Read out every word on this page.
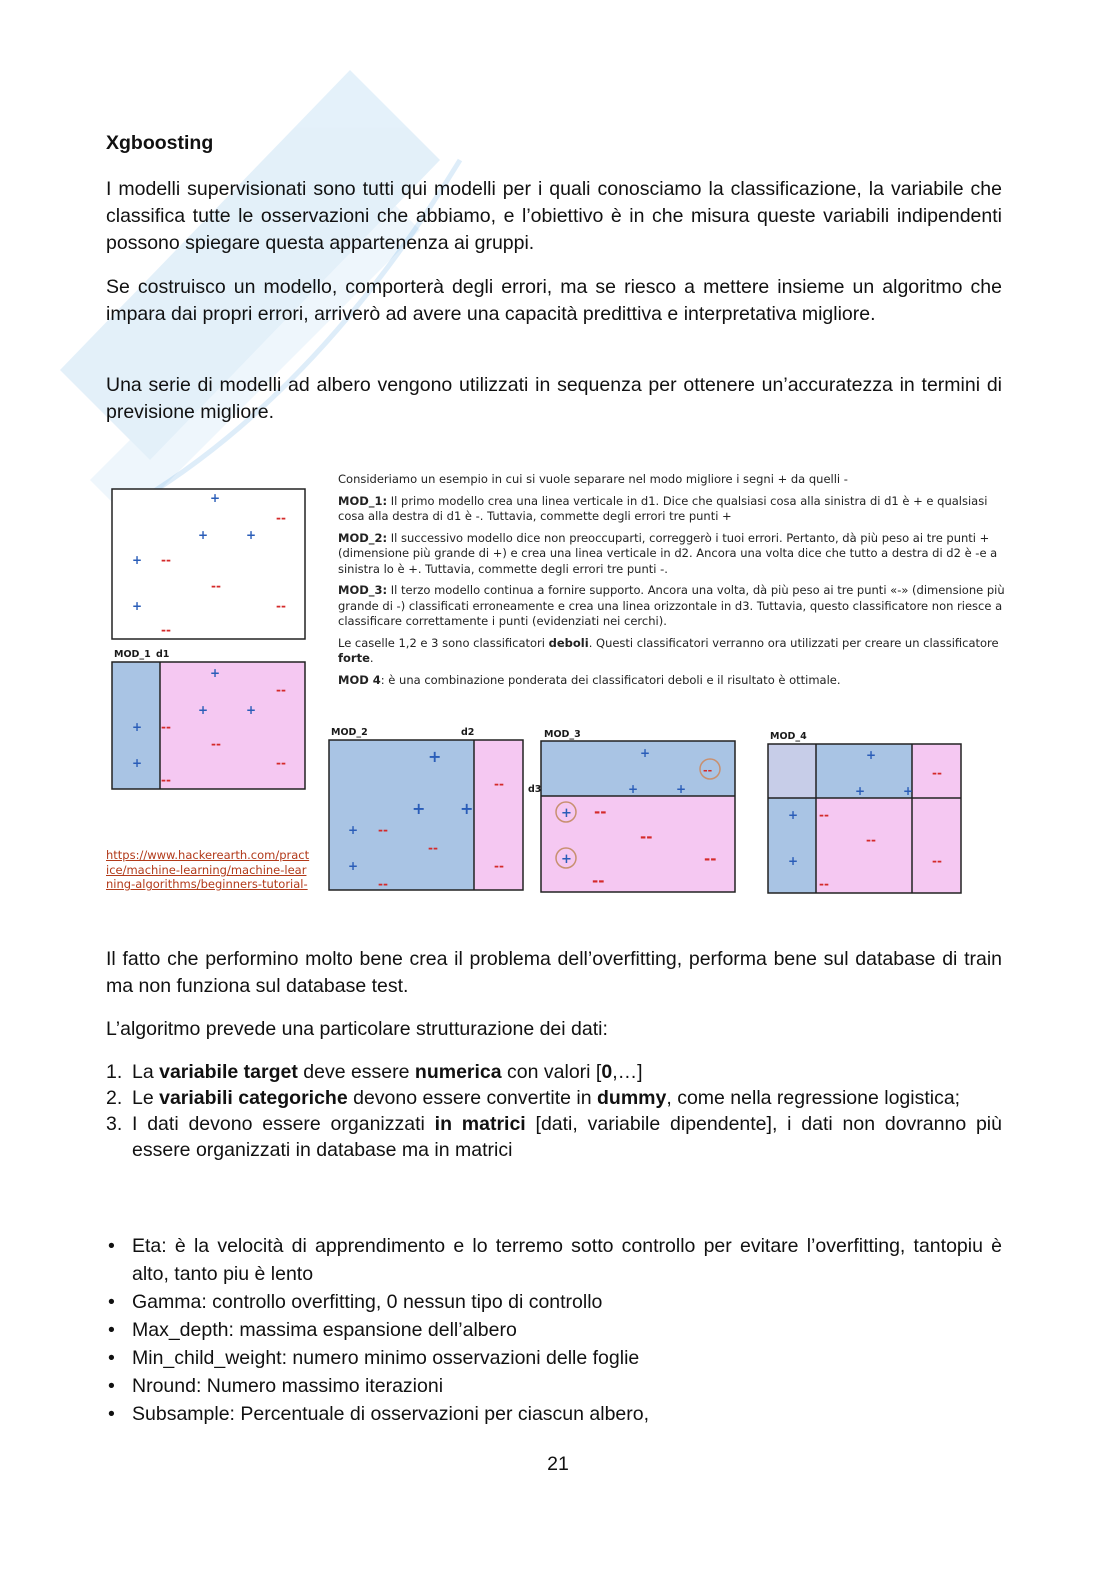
Xgboosting
I modelli supervisionati sono tutti qui modelli per i quali conosciamo la classificazione, la variabile che classifica tutte le osservazioni che abbiamo, e l’obiettivo è in che misura queste variabili indipendenti possono spiegare questa appartenenza ai gruppi.
Se costruisco un modello, comporterà degli errori, ma se riesco a mettere insieme un algoritmo che impara dai propri errori, arriverò ad avere una capacità predittiva e interpretativa migliore.
Una serie di modelli ad albero vengono utilizzati in sequenza per ottenere un’accuratezza in termini di previsione migliore.
+
+	+
+
+
--
--
--
--
--
+
+	+
+
+
--
--
--
--
--
+
+ +
+
+
--
--
--
--
--
+
+	+
+
+
--
--
--
--
--
+
+	+
+
+
--
--
--
--
--
MOD_1 d1
MOD_2	d2	MOD_3
d3
MOD_4

Consideriamo un esempio in cui si vuole separare nel modo migliore i segni + da quelli -

MOD_1: Il primo modello crea una linea verticale in d1. Dice che qualsiasi cosa alla sinistra di d1 è + e qualsiasi cosa alla destra di d1 è -. Tuttavia, commette degli errori tre punti +

MOD_2: Il successivo modello dice non preoccuparti, correggerò i tuoi errori. Pertanto, dà più peso ai tre punti + (dimensione più grande di +) e crea una linea verticale in d2. Ancora una volta dice che tutto a destra di d2 è -e a sinistra lo è +. Tuttavia, commette degli errori tre punti -.

MOD_3: Il terzo modello continua a fornire supporto. Ancora una volta, dà più peso ai tre punti «-» (dimensione più grande di -) classificati erroneamente e crea una linea orizzontale in d3. Tuttavia, questo classificatore non riesce a classificare correttamente i punti (evidenziati nei cerchi).

Le caselle 1,2 e 3 sono classificatori deboli. Questi classificatori verranno ora utilizzati per creare un classificatore forte.

MOD 4: è una combinazione ponderata dei classificatori deboli e il risultato è ottimale.

https://www.hackerearth.com/practice/machine-learning/machine-learning-algorithms/beginners-tutorial-
Il fatto che performino molto bene crea il problema dell’overfitting, performa bene sul database di train ma non funziona sul database test.
L’algoritmo prevede una particolare strutturazione dei dati:
1. La variabile target deve essere numerica con valori [0,…]
2. Le variabili categoriche devono essere convertite in dummy, come nella regressione logistica;
3. I dati devono essere organizzati in matrici [dati, variabile dipendente], i dati non dovranno più essere organizzati in database ma in matrici
• Eta: è la velocità di apprendimento e lo terremo sotto controllo per evitare l’overfitting, tantopiu è alto, tanto piu è lento
• Gamma: controllo overfitting, 0 nessun tipo di controllo
• Max_depth: massima espansione dell’albero
• Min_child_weight: numero minimo osservazioni delle foglie
• Nround: Numero massimo iterazioni
• Subsample: Percentuale di osservazioni per ciascun albero,
21
